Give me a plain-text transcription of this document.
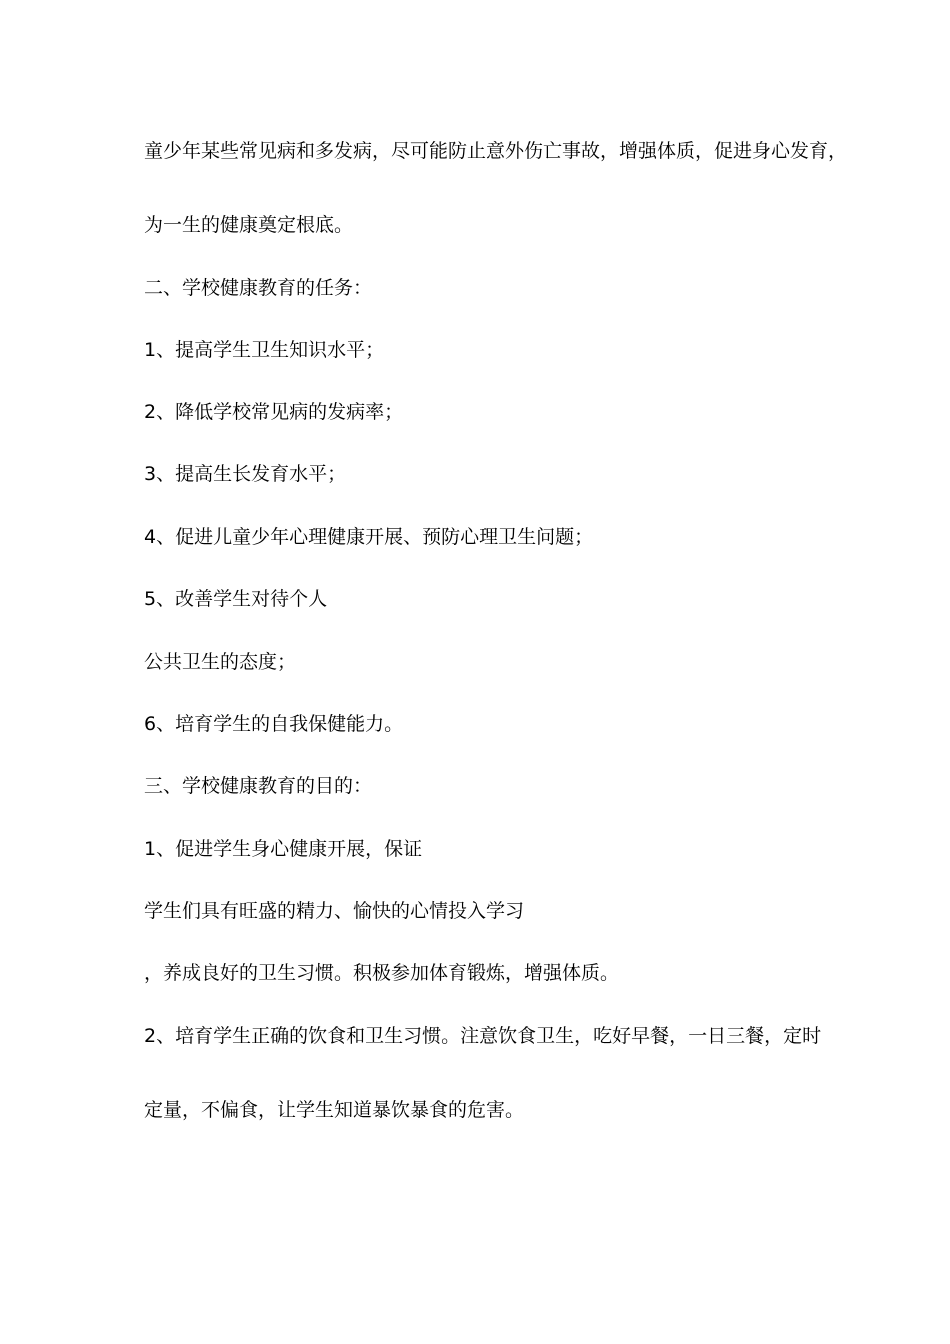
童少年某些常见病和多发病，尽可能防止意外伤亡事故，增强体质，促进身心发育，
为一生的健康奠定根底。
二、学校健康教育的任务：
1、提高学生卫生知识水平；
2、降低学校常见病的发病率；
3、提高生长发育水平；
4、促进儿童少年心理健康开展、预防心理卫生问题；
5、改善学生对待个人
公共卫生的态度；
6、培育学生的自我保健能力。
三、学校健康教育的目的：
1、促进学生身心健康开展，保证
学生们具有旺盛的精力、愉快的心情投入学习
，养成良好的卫生习惯。积极参加体育锻炼，增强体质。
2、培育学生正确的饮食和卫生习惯。注意饮食卫生，吃好早餐，一日三餐，定时
定量，不偏食，让学生知道暴饮暴食的危害。
